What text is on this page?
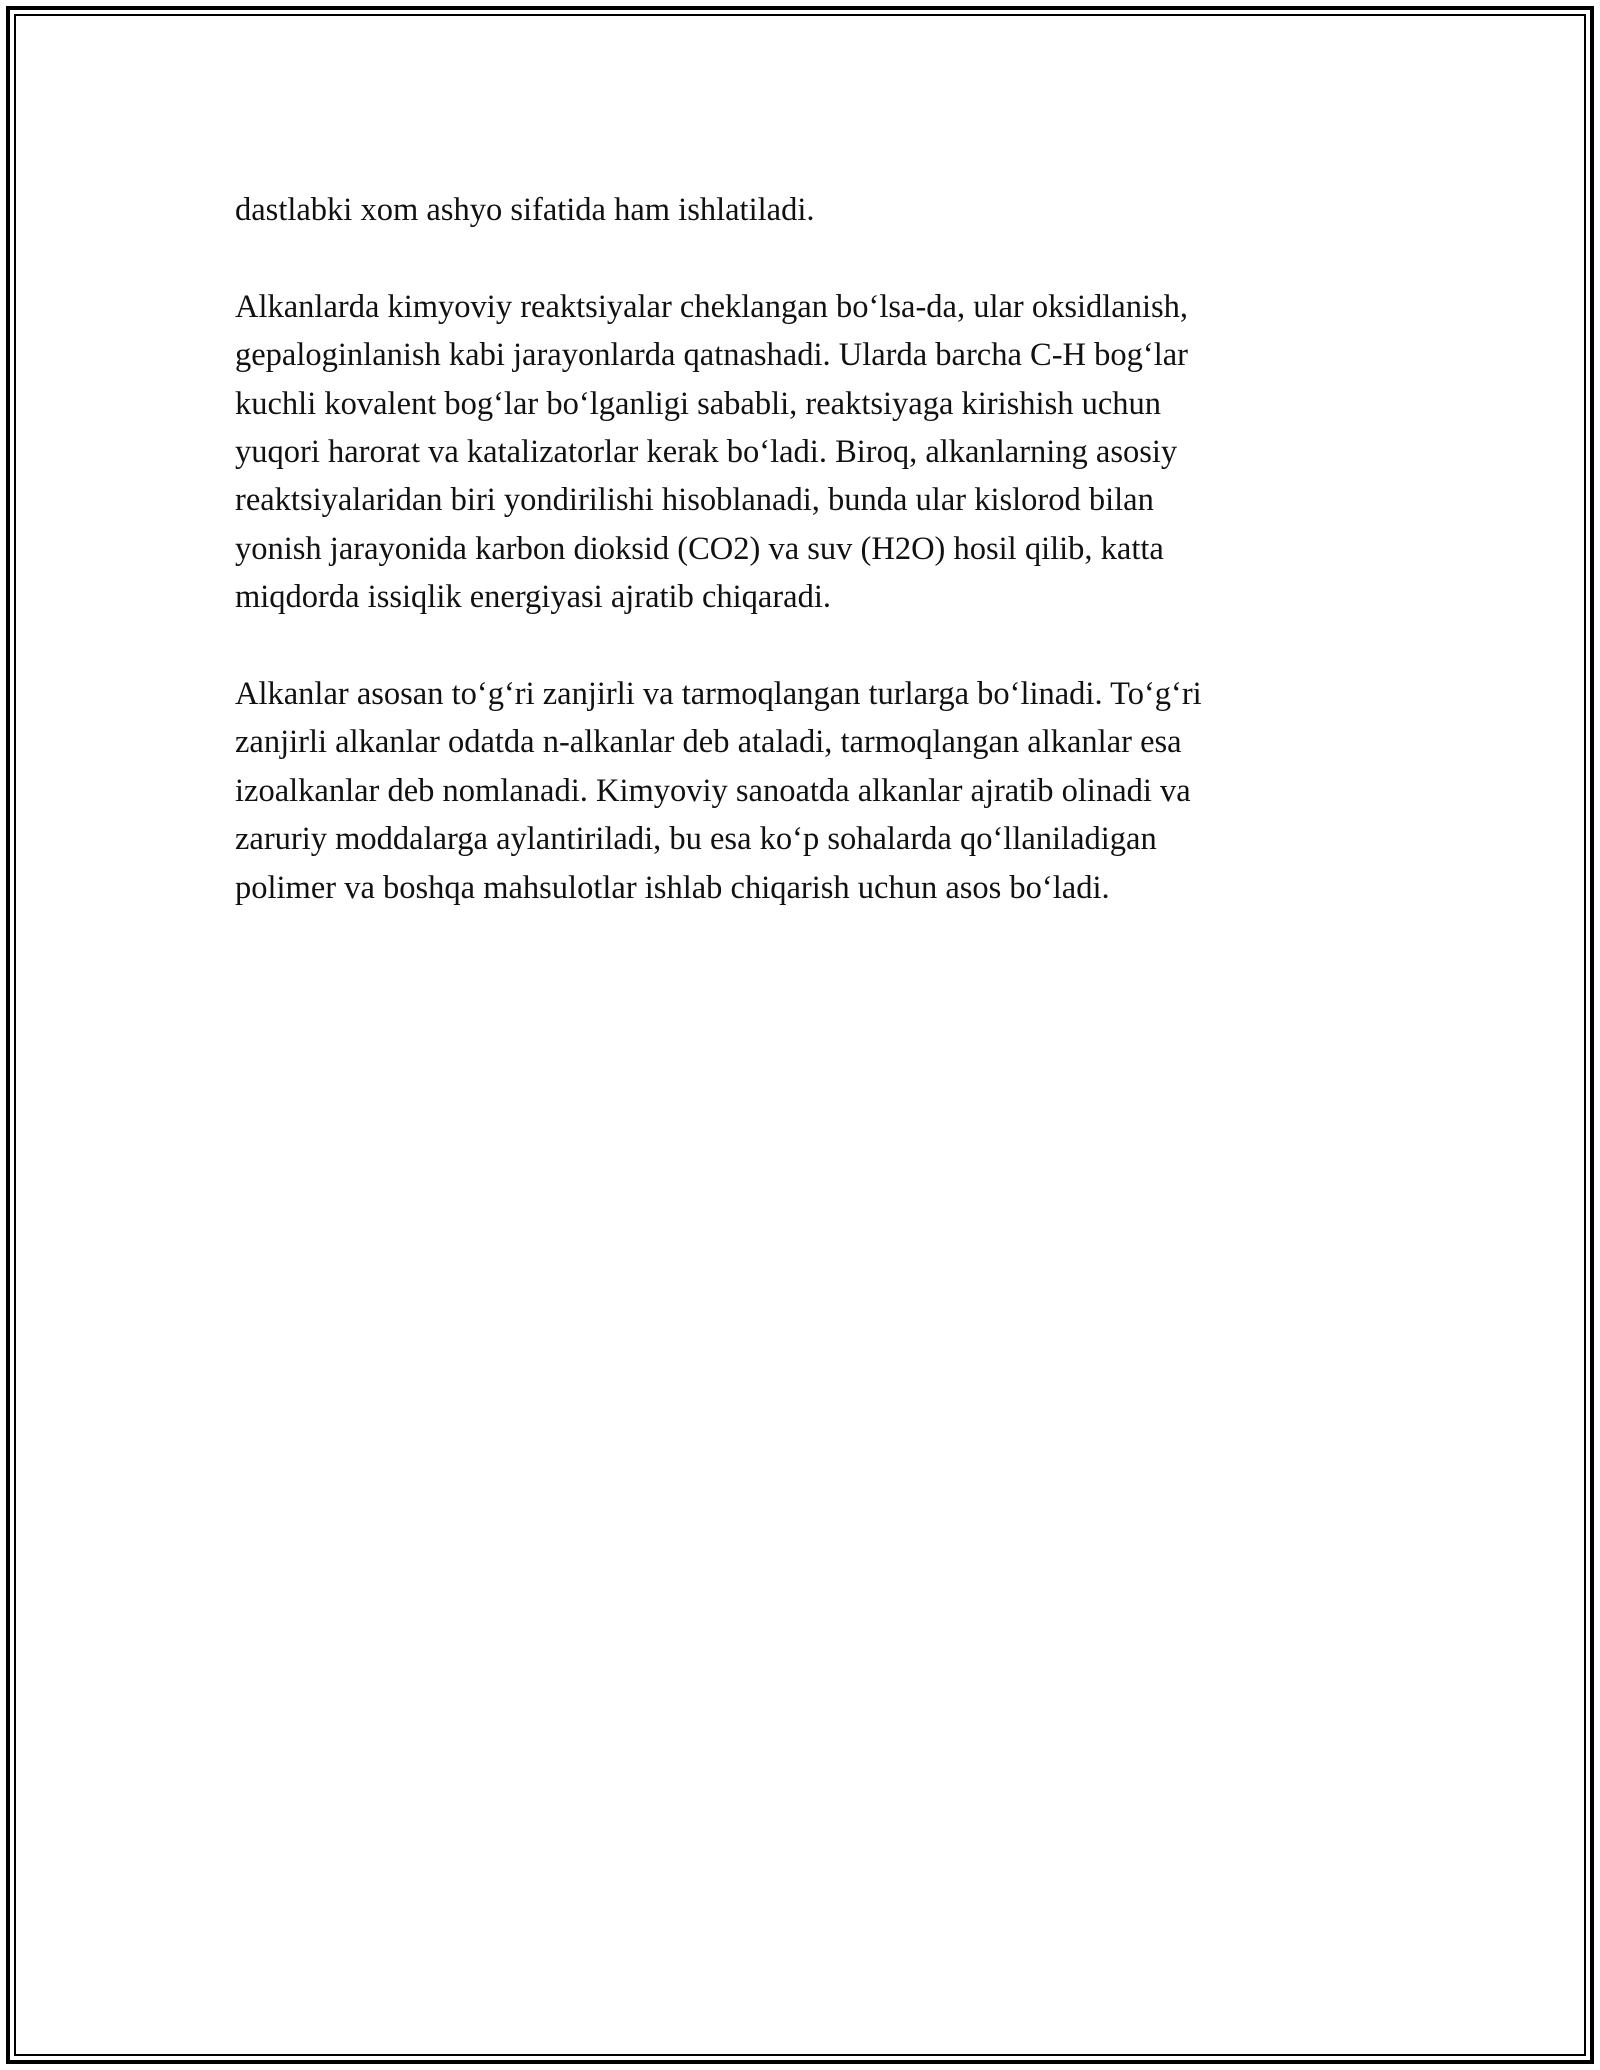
dastlabki xom ashyo sifatida ham ishlatiladi.

Alkanlarda kimyoviy reaktsiyalar cheklangan bo‘lsa-da, ular oksidlanish,
gepaloginlanish kabi jarayonlarda qatnashadi. Ularda barcha C-H bog‘lar
kuchli kovalent bog‘lar bo‘lganligi sababli, reaktsiyaga kirishish uchun
yuqori harorat va katalizatorlar kerak bo‘ladi. Biroq, alkanlarning asosiy
reaktsiyalaridan biri yondirilishi hisoblanadi, bunda ular kislorod bilan
yonish jarayonida karbon dioksid (CO2) va suv (H2O) hosil qilib, katta
miqdorda issiqlik energiyasi ajratib chiqaradi.

Alkanlar asosan to‘g‘ri zanjirli va tarmoqlangan turlarga bo‘linadi. To‘g‘ri
zanjirli alkanlar odatda n-alkanlar deb ataladi, tarmoqlangan alkanlar esa
izoalkanlar deb nomlanadi. Kimyoviy sanoatda alkanlar ajratib olinadi va
zaruriy moddalarga aylantiriladi, bu esa ko‘p sohalarda qo‘llaniladigan
polimer va boshqa mahsulotlar ishlab chiqarish uchun asos bo‘ladi.
